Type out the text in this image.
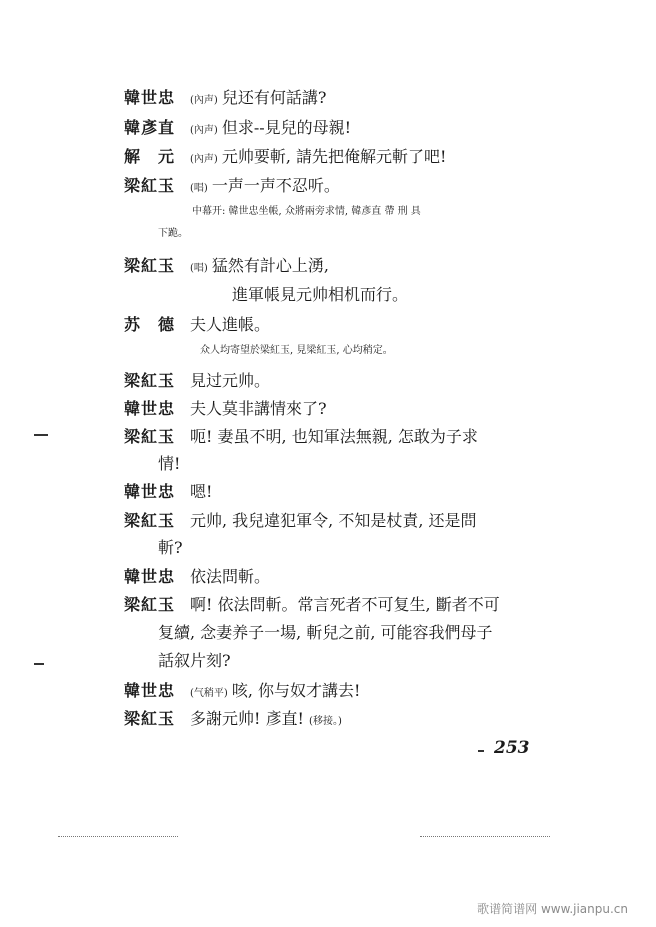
韓世忠 (內声) 兒还有何話講?
韓彥直 (內声) 但求--見兒的母親!
解　元 (內声) 元帅要斬, 請先把俺解元斬了吧!
梁紅玉 (唱) 一声一声不忍听。
中幕开: 韓世忠坐帳, 众將兩旁求情, 韓彥直 帶 刑 具
下跪。
梁紅玉 (唱) 猛然有計心上湧,
進軍帳見元帅相机而行。
苏　德 夫人進帳。
众人均寄望於梁紅玉, 見梁紅玉, 心均稍定。
梁紅玉 見过元帅。
韓世忠 夫人莫非講情來了?
梁紅玉 呃! 妻虽不明, 也知軍法無親, 怎敢为子求
情!
韓世忠 嗯!
梁紅玉 元帅, 我兒違犯軍令, 不知是杖責, 还是問
斬?
韓世忠 依法問斬。
梁紅玉 啊! 依法問斬。常言死者不可复生, 斷者不可
复續, 念妻养子一場, 斬兒之前, 可能容我們母子
話叙片刻?
韓世忠 (气稍平) 咳, 你与奴才講去!
梁紅玉 多謝元帅! 彥直! (移接。)
253
歌谱简谱网 www.jianpu.cn
